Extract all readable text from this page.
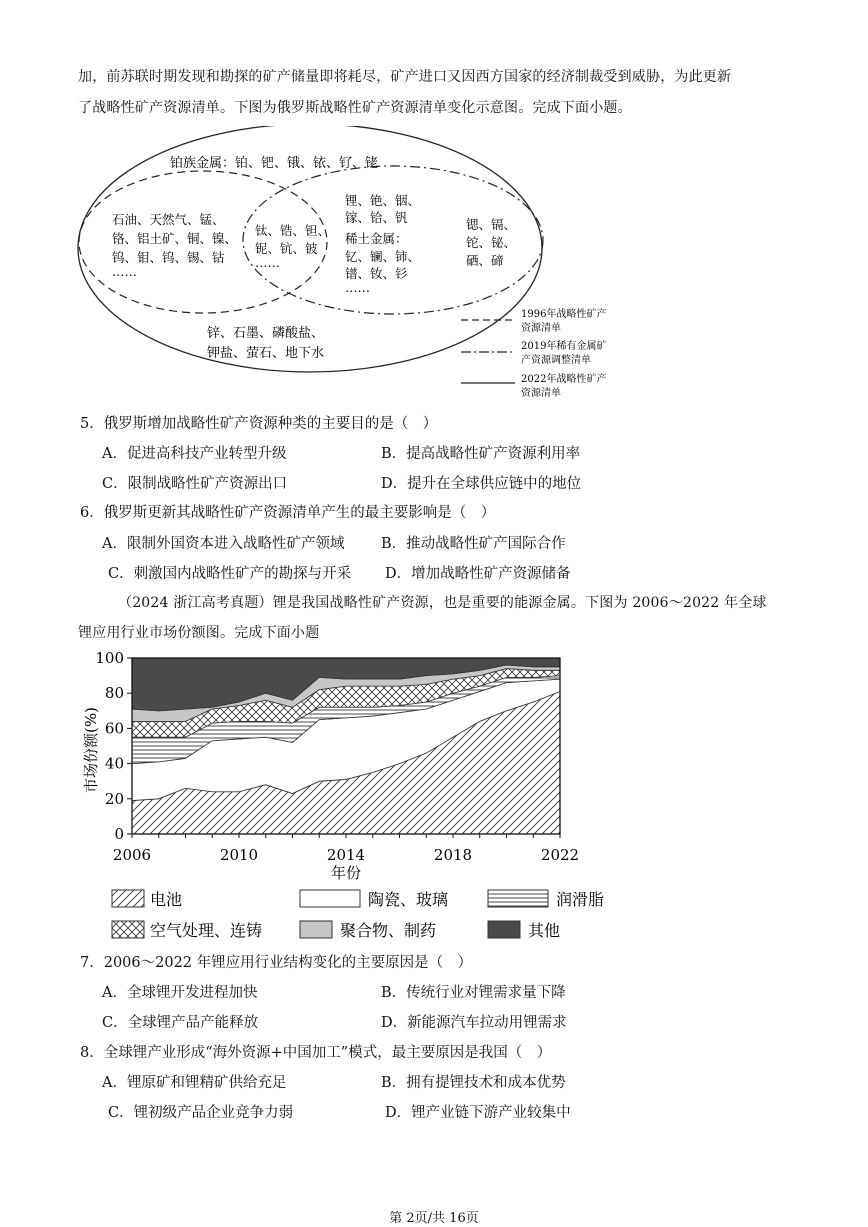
加，前苏联时期发现和勘探的矿产储量即将耗尽，矿产进口又因西方国家的经济制裁受到威胁，为此更新
了战略性矿产资源清单。下图为俄罗斯战略性矿产资源清单变化示意图。完成下面小题。
铂族金属：铂、钯、锇、铱、钌、铑
石油、天然气、锰、
铬、铝土矿、铜、镍、
钨、钼、钨、锡、钴
……
钛、锆、钽、
铌、钪、铍
……
锂、铯、铟、
镓、铪、钒
稀土金属：
钇、镧、铈、
镨、钕、钐
……
锶、镉、
铊、铋、
硒、碲
锌、石墨、磷酸盐、
钾盐、萤石、地下水
1996年战略性矿产
资源清单
2019年稀有金属矿
产资源调整清单
2022年战略性矿产
资源清单
5．俄罗斯增加战略性矿产资源种类的主要目的是（　）
A．促进高科技产业转型升级	B．提高战略性矿产资源利用率
C．限制战略性矿产资源出口	D．提升在全球供应链中的地位
6．俄罗斯更新其战略性矿产资源清单产生的最主要影响是（　）
A．限制外国资本进入战略性矿产领域	B．推动战略性矿产国际合作
C．刺激国内战略性矿产的勘探与开采 D．增加战略性矿产资源储备
（2024 浙江高考真题）锂是我国战略性矿产资源，也是重要的能源金属。下图为 2006～2022 年全球
锂应用行业市场份额图。完成下面小题
0
20
40
60
80
100
2006	2010	2014	2018	2022
市场份额(%)
年份
电池	陶瓷、玻璃	润滑脂
空气处理、连铸	聚合物、制药	其他
7．2006～2022 年锂应用行业结构变化的主要原因是（　）
A．全球锂开发进程加快	B．传统行业对锂需求量下降
C．全球锂产品产能释放	D．新能源汽车拉动用锂需求
8．全球锂产业形成“海外资源+中国加工”模式，最主要原因是我国（　）
A．锂原矿和锂精矿供给充足	B．拥有提锂技术和成本优势
C．锂初级产品企业竞争力弱	D．锂产业链下游产业较集中
第 2页/共 16页
